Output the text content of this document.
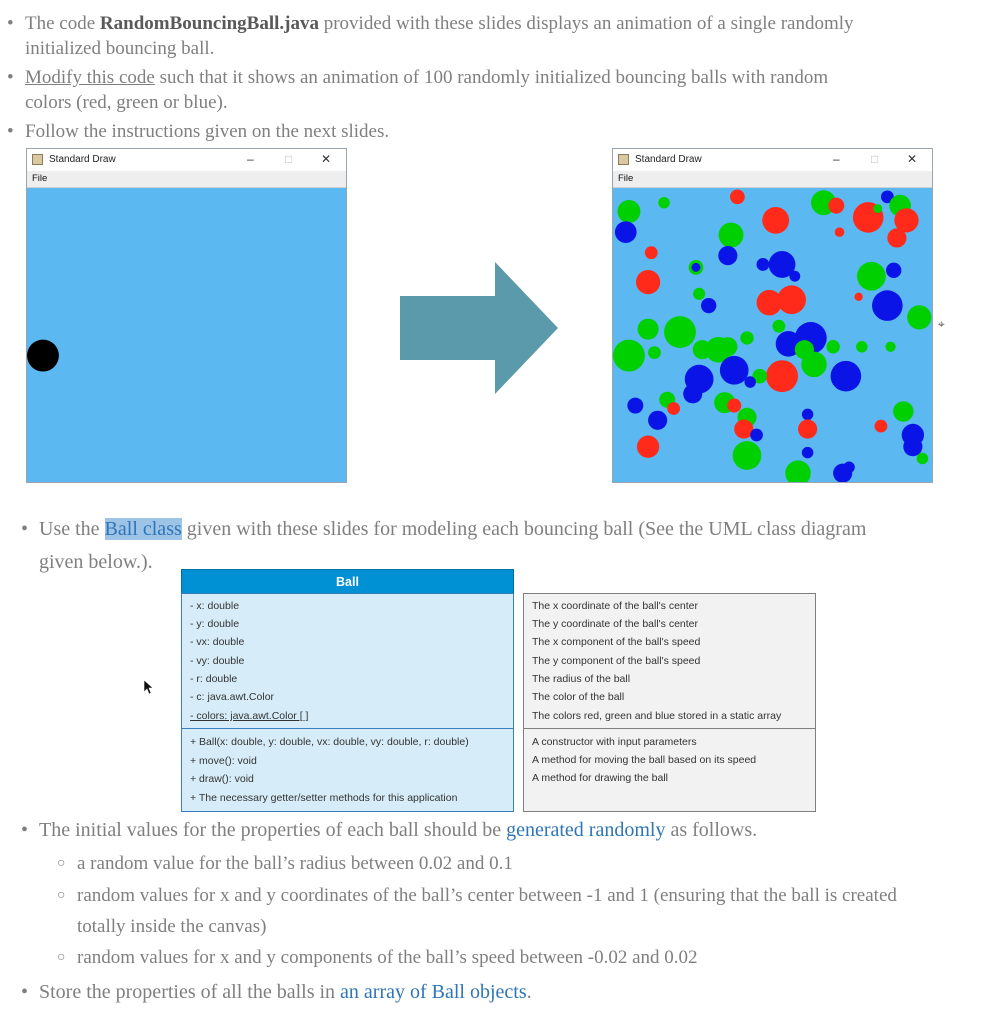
• The code RandomBouncingBall.java provided with these slides displays an animation of a single randomly
initialized bouncing ball.
• Modify this code such that it shows an animation of 100 randomly initialized bouncing balls with random
colors (red, green or blue).
• Follow the instructions given on the next slides.
Standard Draw	–	□ ✕
File
Standard Draw	–	□ ✕
File
⌖
• Use the Ball class given with these slides for modeling each bouncing ball (See the UML class diagram
given below.).
Ball
- x: double
- y: double
- vx: double
- vy: double
- r: double
- c: java.awt.Color
- colors: java.awt.Color [ ]
+ Ball(x: double, y: double, vx: double, vy: double, r: double)
+ move(): void
+ draw(): void
+ The necessary getter/setter methods for this application
The x coordinate of the ball's center
The y coordinate of the ball's center
The x component of the ball's speed
The y component of the ball's speed
The radius of the ball
The color of the ball
The colors red, green and blue stored in a static array
A constructor with input parameters
A method for moving the ball based on its speed
A method for drawing the ball
• The initial values for the properties of each ball should be generated randomly as follows.
○ a random value for the ball’s radius between 0.02 and 0.1
○ random values for x and y coordinates of the ball’s center between -1 and 1 (ensuring that the ball is created
totally inside the canvas)
○ random values for x and y components of the ball’s speed between -0.02 and 0.02
• Store the properties of all the balls in an array of Ball objects.
